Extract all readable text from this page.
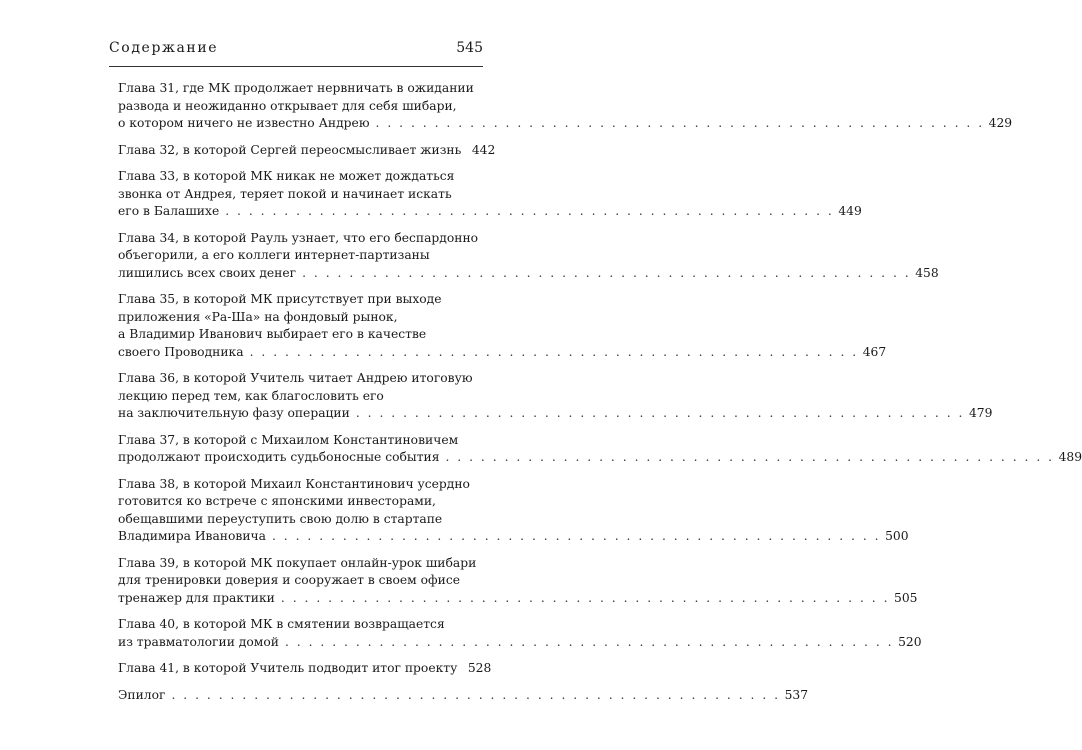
Содержание	545
Глава 31, где МК продолжает нервничать в ожидании
развода и неожиданно открывает для себя шибари,
о котором ничего не известно Андрею . . . . . . . . . . . . . . . . . . . . . . . . . . . . . . . . . . . . . . . . . . . . . . . . . . . . 429
Глава 32, в которой Сергей переосмысливает жизнь 442
Глава 33, в которой МК никак не может дождаться
звонка от Андрея, теряет покой и начинает искать
его в Балашихе . . . . . . . . . . . . . . . . . . . . . . . . . . . . . . . . . . . . . . . . . . . . . . . . . . . . 449
Глава 34, в которой Рауль узнает, что его беспардонно
объегорили, а его коллеги интернет-партизаны
лишились всех своих денег . . . . . . . . . . . . . . . . . . . . . . . . . . . . . . . . . . . . . . . . . . . . . . . . . . . . 458
Глава 35, в которой МК присутствует при выходе
приложения «Ра-Ша» на фондовый рынок,
а Владимир Иванович выбирает его в качестве
своего Проводника . . . . . . . . . . . . . . . . . . . . . . . . . . . . . . . . . . . . . . . . . . . . . . . . . . . . 467
Глава 36, в которой Учитель читает Андрею итоговую
лекцию перед тем, как благословить его
на заключительную фазу операции . . . . . . . . . . . . . . . . . . . . . . . . . . . . . . . . . . . . . . . . . . . . . . . . . . . . 479
Глава 37, в которой с Михаилом Константиновичем
продолжают происходить судьбоносные события . . . . . . . . . . . . . . . . . . . . . . . . . . . . . . . . . . . . . . . . . . . . . . . . . . . . 489
Глава 38, в которой Михаил Константинович усердно
готовится ко встрече с японскими инвесторами,
обещавшими переуступить свою долю в стартапе
Владимира Ивановича . . . . . . . . . . . . . . . . . . . . . . . . . . . . . . . . . . . . . . . . . . . . . . . . . . . . 500
Глава 39, в которой МК покупает онлайн-урок шибари
для тренировки доверия и сооружает в своем офисе
тренажер для практики . . . . . . . . . . . . . . . . . . . . . . . . . . . . . . . . . . . . . . . . . . . . . . . . . . . . 505
Глава 40, в которой МК в смятении возвращается
из травматологии домой . . . . . . . . . . . . . . . . . . . . . . . . . . . . . . . . . . . . . . . . . . . . . . . . . . . . 520
Глава 41, в которой Учитель подводит итог проекту 528
Эпилог . . . . . . . . . . . . . . . . . . . . . . . . . . . . . . . . . . . . . . . . . . . . . . . . . . . . 537
